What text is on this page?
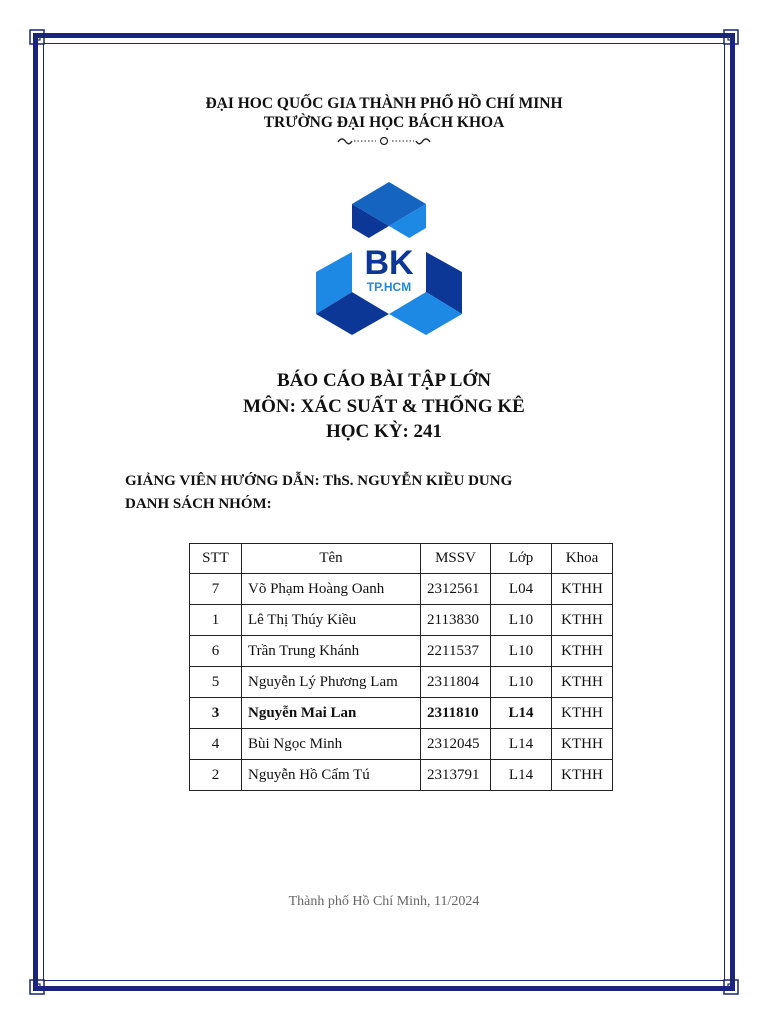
ĐẠI HOC QUỐC GIA THÀNH PHỐ HỒ CHÍ MINH
TRƯỜNG ĐẠI HỌC BÁCH KHOA
BK
TP.HCM
BÁO CÁO BÀI TẬP LỚN
MÔN: XÁC SUẤT & THỐNG KÊ
HỌC KỲ: 241
GIẢNG VIÊN HƯỚNG DẪN: ThS. NGUYỄN KIỀU DUNG
DANH SÁCH NHÓM:
STT	Tên	MSSV	Lớp	Khoa
7	Võ Phạm Hoàng Oanh	2312561	L04	KTHH
1	Lê Thị Thúy Kiều	2113830	L10	KTHH
6	Trần Trung Khánh	2211537	L10	KTHH
5	Nguyễn Lý Phương Lam	2311804	L10	KTHH
3	Nguyễn Mai Lan	2311810	L14	KTHH
4	Bùi Ngọc Minh	2312045	L14	KTHH
2	Nguyễn Hồ Cẩm Tú	2313791	L14	KTHH
Thành phố Hồ Chí Minh, 11/2024
